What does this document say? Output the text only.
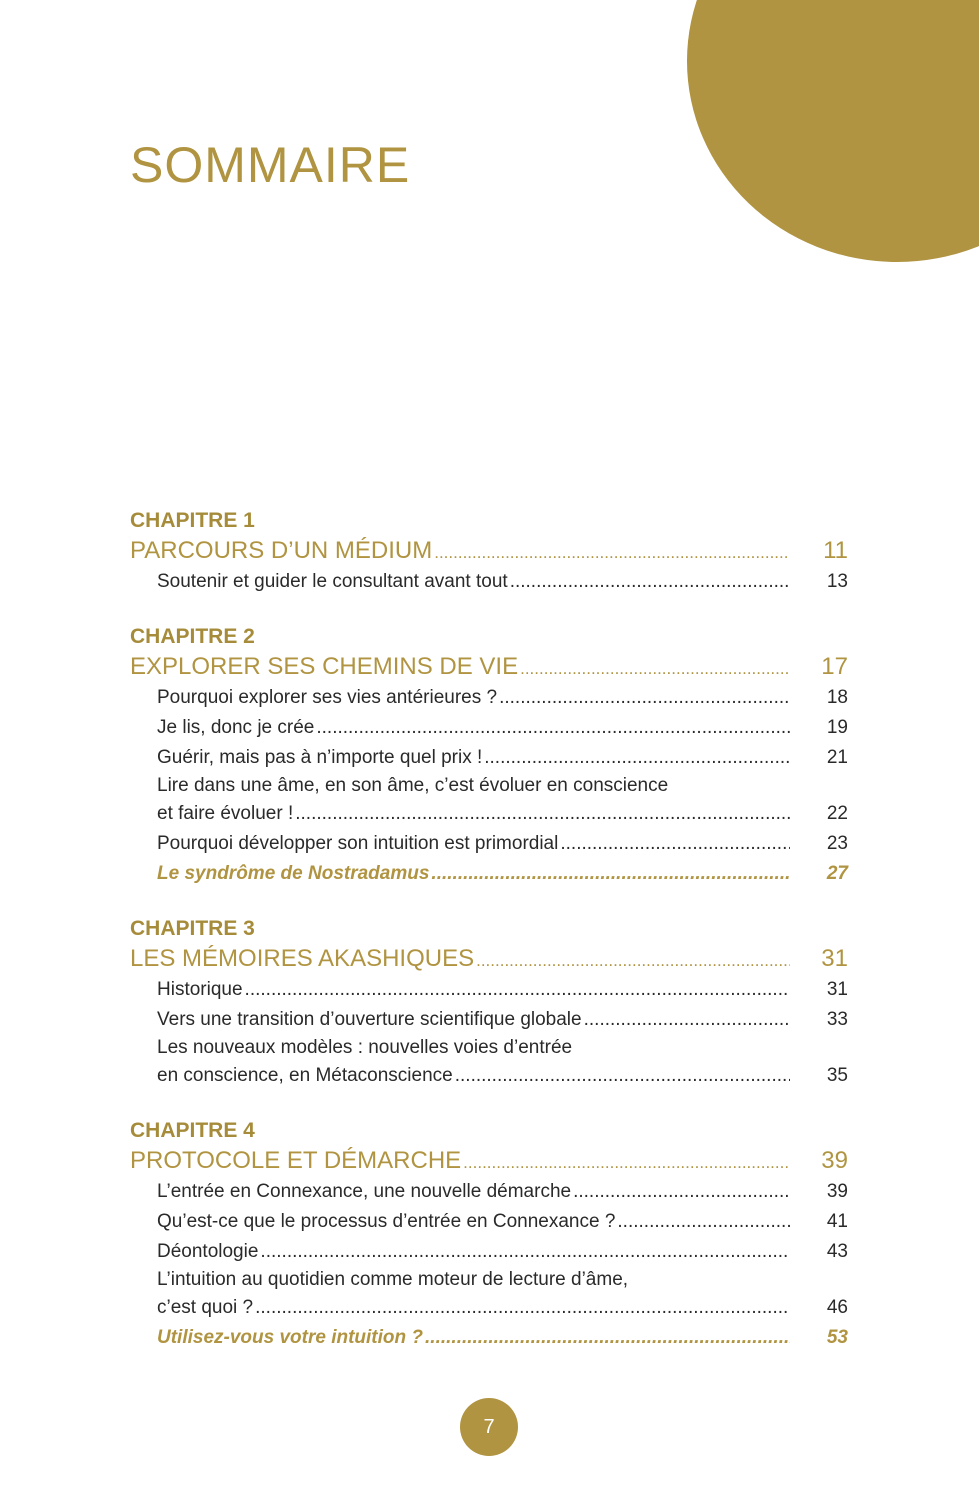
SOMMAIRE
CHAPITRE 1
PARCOURS D’UN MÉDIUM .....	11
Soutenir et guider le consultant avant tout .....	13
CHAPITRE 2
EXPLORER SES CHEMINS DE VIE .....	17
Pourquoi explorer ses vies antérieures ? .....	18
Je lis, donc je crée .....	19
Guérir, mais pas à n’importe quel prix ! .....	21
Lire dans une âme, en son âme, c’est évoluer en conscience
et faire évoluer ! .....	22
Pourquoi développer son intuition est primordial .....	23
Le syndrôme de Nostradamus .....	27
CHAPITRE 3
LES MÉMOIRES AKASHIQUES .....	31
Historique .....	31
Vers une transition d’ouverture scientifique globale .....	33
Les nouveaux modèles : nouvelles voies d’entrée
en conscience, en Métaconscience .....	35
CHAPITRE 4
PROTOCOLE ET DÉMARCHE .....	39
L’entrée en Connexance, une nouvelle démarche .....	39
Qu’est-ce que le processus d’entrée en Connexance ? .....	41
Déontologie .....	43
L’intuition au quotidien comme moteur de lecture d’âme,
c’est quoi ? .....	46
Utilisez-vous votre intuition ? .....	53
7
